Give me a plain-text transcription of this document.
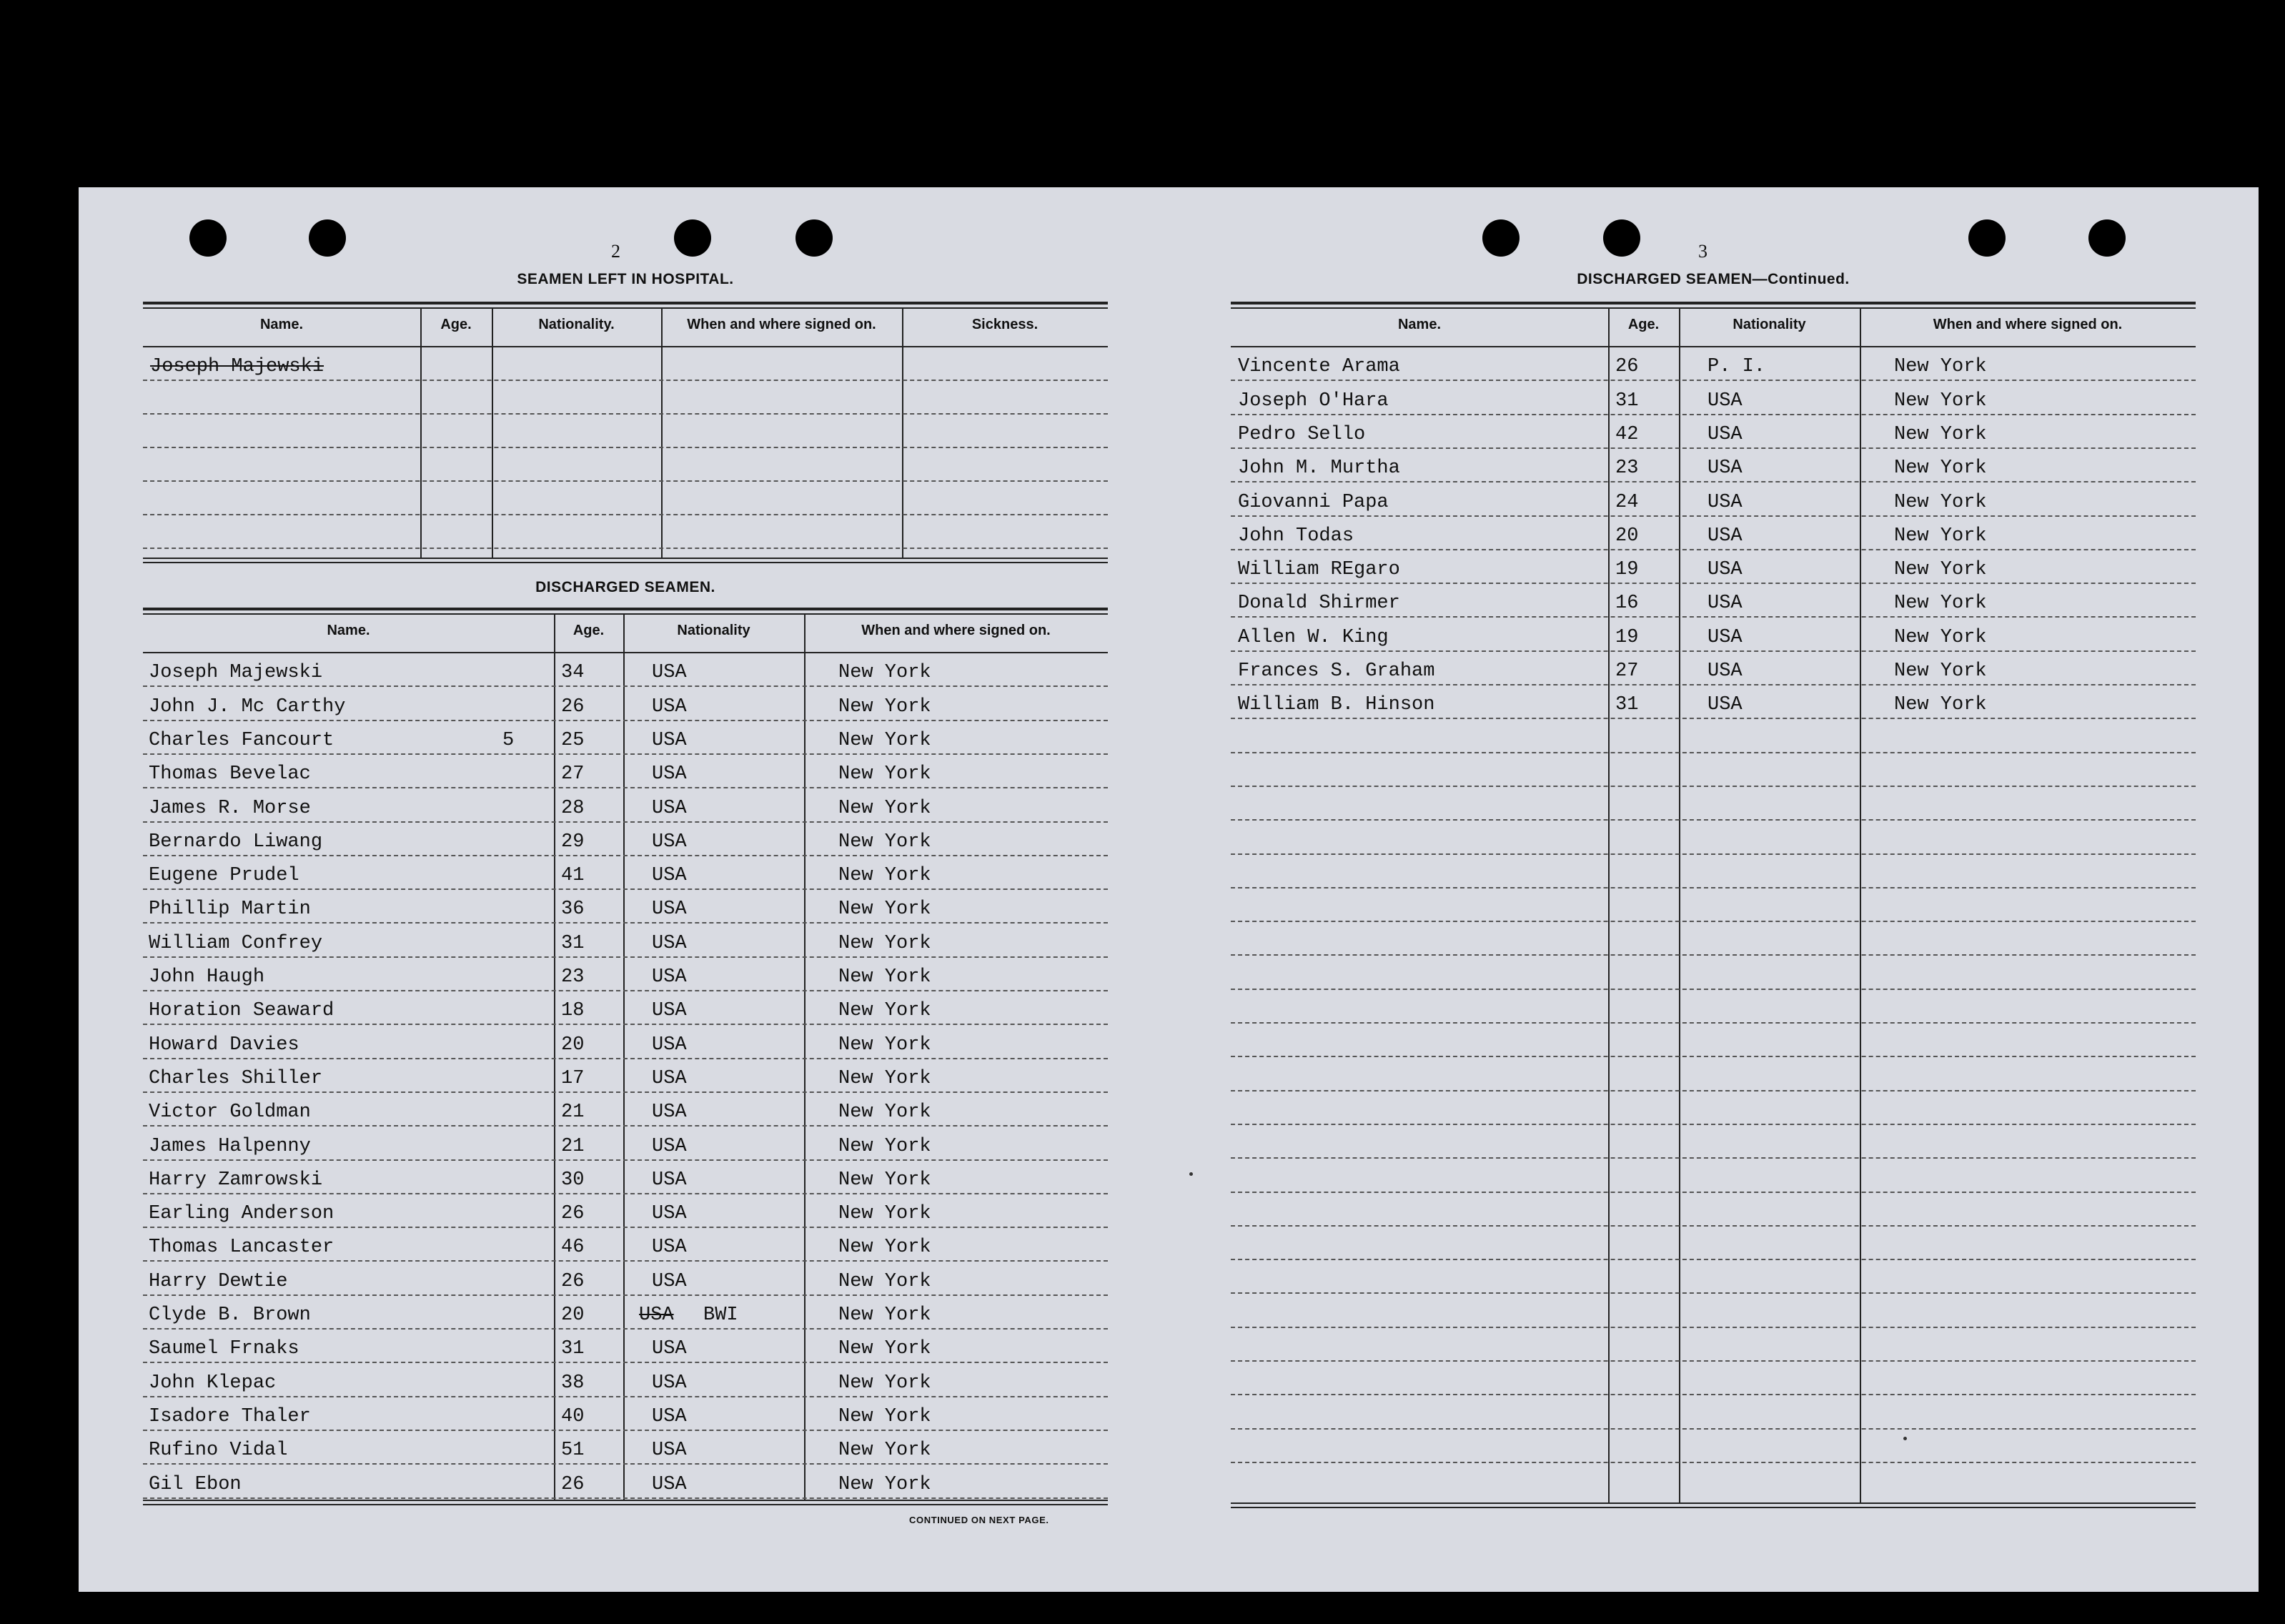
2
SEAMEN LEFT IN HOSPITAL.
Name.	Age.	Nationality.	When and where signed on.	Sickness.
Joseph Majewski
DISCHARGED SEAMEN.
Name.	Age.	Nationality	When and where signed on.
Joseph Majewski	34	USA	New York
John J. Mc Carthy	26	USA	New York
Charles Fancourt	25	USA	New York
5
Thomas Bevelac	27	USA	New York
James R. Morse	28	USA	New York
Bernardo Liwang	29	USA	New York
Eugene Prudel	41	USA	New York
Phillip Martin	36	USA	New York
William Confrey	31	USA	New York
John Haugh	23	USA	New York
Horation Seaward	18	USA	New York
Howard Davies	20	USA	New York
Charles Shiller	17	USA	New York
Victor Goldman	21	USA	New York
James Halpenny	21	USA	New York
Harry Zamrowski	30	USA	New York
Earling Anderson	26	USA	New York
Thomas Lancaster	46	USA	New York
Harry Dewtie	26	USA	New York
Clyde B. Brown	20	BWI	New York
USA
Saumel Frnaks	31	USA	New York
John Klepac	38	USA	New York
Isadore Thaler	40	USA	New York
Rufino Vidal	51	USA	New York
Gil Ebon	26	USA	New York
CONTINUED ON NEXT PAGE.
3
DISCHARGED SEAMEN—Continued.
Name.	Age.	Nationality	When and where signed on.
Vincente Arama	26	P. I.	New York
Joseph O'Hara	31	USA	New York
Pedro Sello	42	USA	New York
John M. Murtha	23	USA	New York
Giovanni Papa	24	USA	New York
John Todas	20	USA	New York
William REgaro	19	USA	New York
Donald Shirmer	16	USA	New York
Allen W. King	19	USA	New York
Frances S. Graham	27	USA	New York
William B. Hinson	31	USA	New York
